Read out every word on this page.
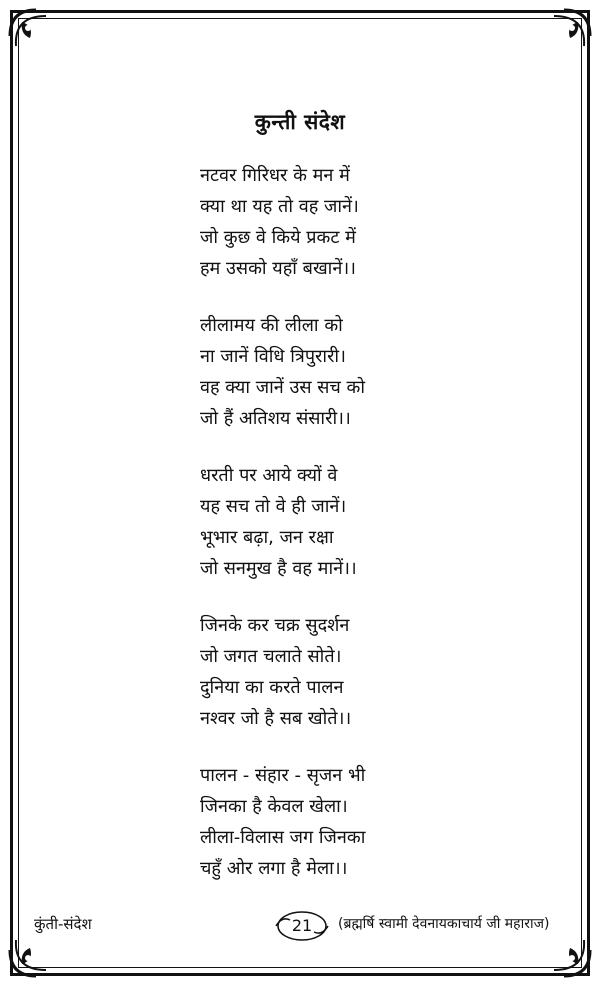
कुन्ती संदेश
नटवर गिरिधर के मन में
क्या था यह तो वह जानें।
जो कुछ वे किये प्रकट में
हम उसको यहाँ बखानें।।
लीलामय की लीला को
ना जानें विधि त्रिपुरारी।
वह क्या जानें उस सच को
जो हैं अतिशय संसारी।।
धरती पर आये क्यों वे
यह सच तो वे ही जानें।
भूभार बढ़ा, जन रक्षा
जो सनमुख है वह मानें।।
जिनके कर चक्र सुदर्शन
जो जगत चलाते सोते।
दुनिया का करते पालन
नश्वर जो है सब खोते।।
पालन - संहार - सृजन भी
जिनका है केवल खेला।
लीला-विलास जग जिनका
चहुँ ओर लगा है मेला।।
कुंती-संदेश	21	(ब्रह्मर्षि स्वामी देवनायकाचार्य जी महाराज)
